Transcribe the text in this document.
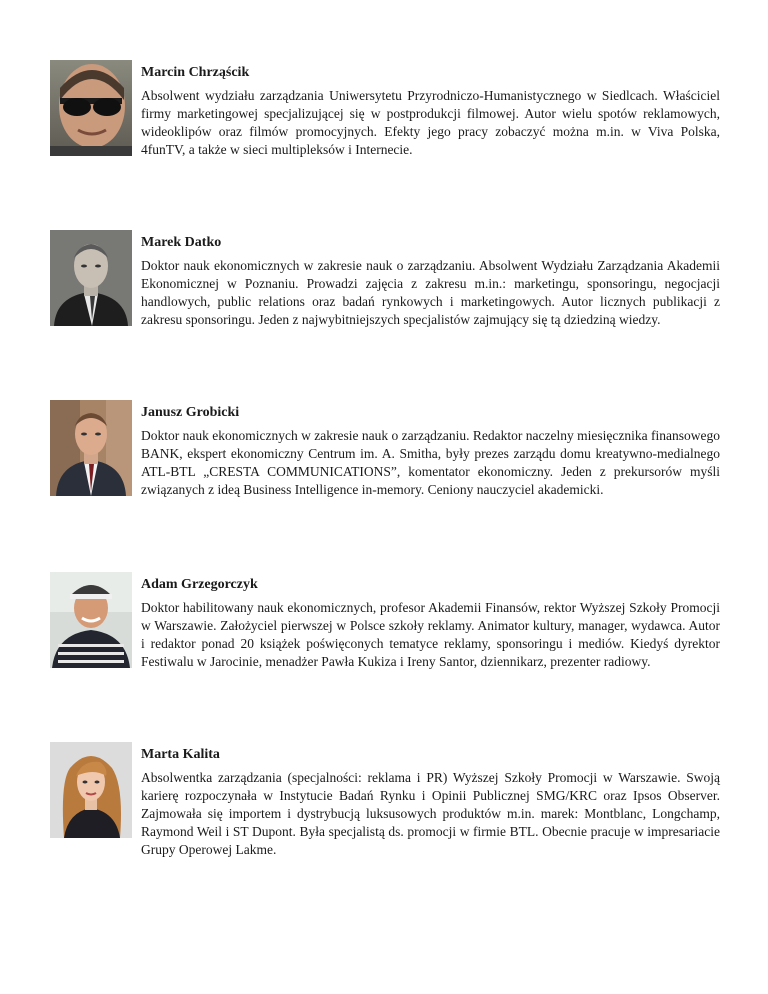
Marcin Chrząścik

Absolwent wydziału zarządzania Uniwersytetu Przyrodniczo-Humanistycznego w Siedlcach. Właściciel firmy marketingowej specjalizującej się w postprodukcji filmowej. Autor wielu spotów reklamowych, wideoklipów oraz filmów promocyjnych. Efekty jego pracy zobaczyć można m.in. w Viva Polska, 4funTV, a także w sieci multipleksów i Internecie.

Marek Datko

Doktor nauk ekonomicznych w zakresie nauk o zarządzaniu. Absolwent Wydziału Zarządzania Akademii Ekonomicznej w Poznaniu. Prowadzi zajęcia z zakresu m.in.: marketingu, sponsoringu, negocjacji handlowych, public relations oraz badań rynkowych i marketingowych. Autor licznych publikacji z zakresu sponsoringu. Jeden z najwybitniejszych specjalistów zajmujący się tą dziedziną wiedzy.

Janusz Grobicki

Doktor nauk ekonomicznych w zakresie nauk o zarządzaniu. Redaktor naczelny miesięcznika finansowego BANK, ekspert ekonomiczny Centrum im. A. Smitha, były prezes zarządu domu kreatywno-medialnego ATL-BTL „CRESTA COMMUNICATIONS”, komentator ekonomiczny. Jeden z prekursorów myśli związanych z ideą Business Intelligence in-memory. Ceniony nauczyciel akademicki.

Adam Grzegorczyk

Doktor habilitowany nauk ekonomicznych, profesor Akademii Finansów, rektor Wyższej Szkoły Promocji w Warszawie. Założyciel pierwszej w Polsce szkoły reklamy. Animator kultury, manager, wydawca. Autor i redaktor ponad 20 książek poświęconych tematyce reklamy, sponsoringu i mediów. Kiedyś dyrektor Festiwalu w Jarocinie, menadżer Pawła Kukiza i Ireny Santor, dziennikarz, prezenter radiowy.

Marta Kalita

Absolwentka zarządzania (specjalności: reklama i PR) Wyższej Szkoły Promocji w Warszawie. Swoją karierę rozpoczynała w Instytucie Badań Rynku i Opinii Publicznej SMG/KRC oraz Ipsos Observer. Zajmowała się importem i dystrybucją luksusowych produktów m.in. marek: Montblanc, Longchamp, Raymond Weil i ST Dupont. Była specjalistą ds. promocji w firmie BTL. Obecnie pracuje w impresariacie Grupy Operowej Lakme.
